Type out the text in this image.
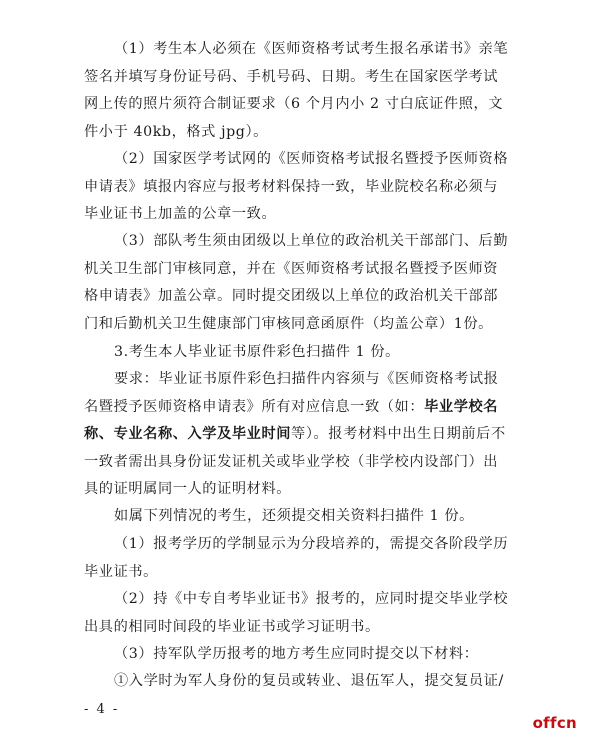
（1）考生本人必须在《医师资格考试考生报名承诺书》亲笔签名并填写身份证号码、手机号码、日期。考生在国家医学考试网上传的照片须符合制证要求（6 个月内小 2 寸白底证件照，文件小于 40kb，格式 jpg）。

（2）国家医学考试网的《医师资格考试报名暨授予医师资格申请表》填报内容应与报考材料保持一致，毕业院校名称必须与毕业证书上加盖的公章一致。

（3）部队考生须由团级以上单位的政治机关干部部门、后勤机关卫生部门审核同意，并在《医师资格考试报名暨授予医师资格申请表》加盖公章。同时提交团级以上单位的政治机关干部部门和后勤机关卫生健康部门审核同意函原件（均盖公章）1份。

3.考生本人毕业证书原件彩色扫描件 1 份。

要求：毕业证书原件彩色扫描件内容须与《医师资格考试报名暨授予医师资格申请表》所有对应信息一致（如：毕业学校名称、专业名称、入学及毕业时间等）。报考材料中出生日期前后不一致者需出具身份证发证机关或毕业学校（非学校内设部门）出具的证明属同一人的证明材料。

如属下列情况的考生，还须提交相关资料扫描件 1 份。

（1）报考学历的学制显示为分段培养的，需提交各阶段学历毕业证书。

（2）持《中专自考毕业证书》报考的，应同时提交毕业学校出具的相同时间段的毕业证书或学习证明书。

（3）持军队学历报考的地方考生应同时提交以下材料：

①入学时为军人身份的复员或转业、退伍军人，提交复员证/

- 4 -
offcn
